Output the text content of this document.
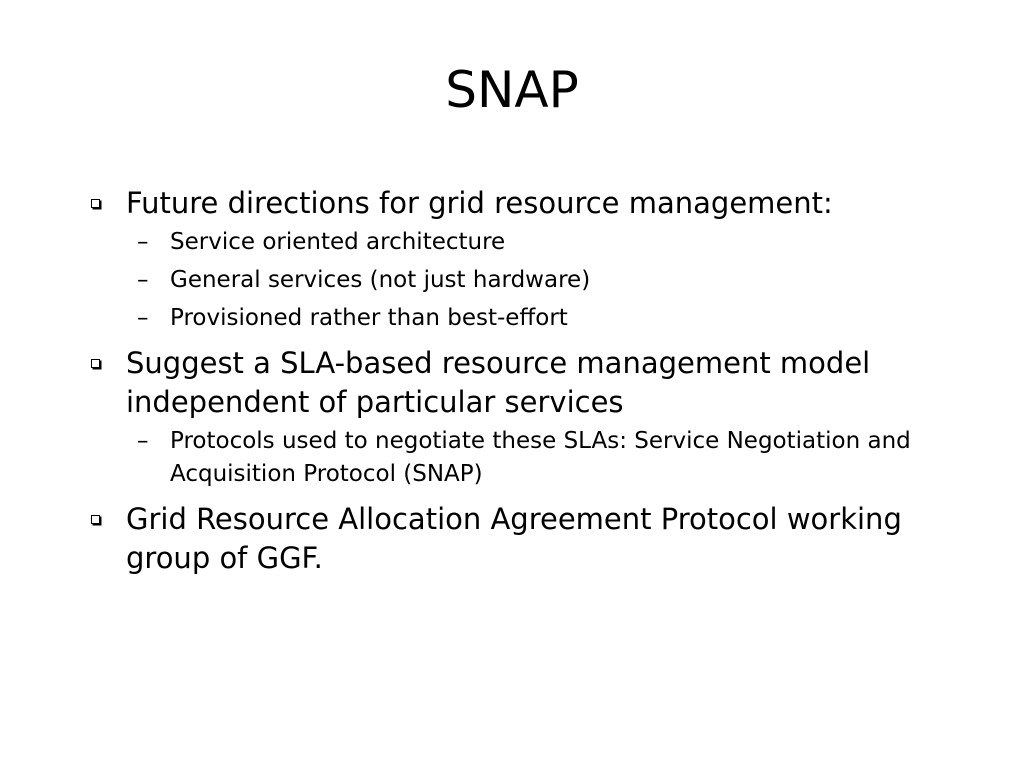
SNAP
Future directions for grid resource management:
– Service oriented architecture
– General services (not just hardware)
– Provisioned rather than best-effort
Suggest a SLA-based resource management model independent of particular services
– Protocols used to negotiate these SLAs: Service Negotiation and Acquisition Protocol (SNAP)
Grid Resource Allocation Agreement Protocol working group of GGF.
